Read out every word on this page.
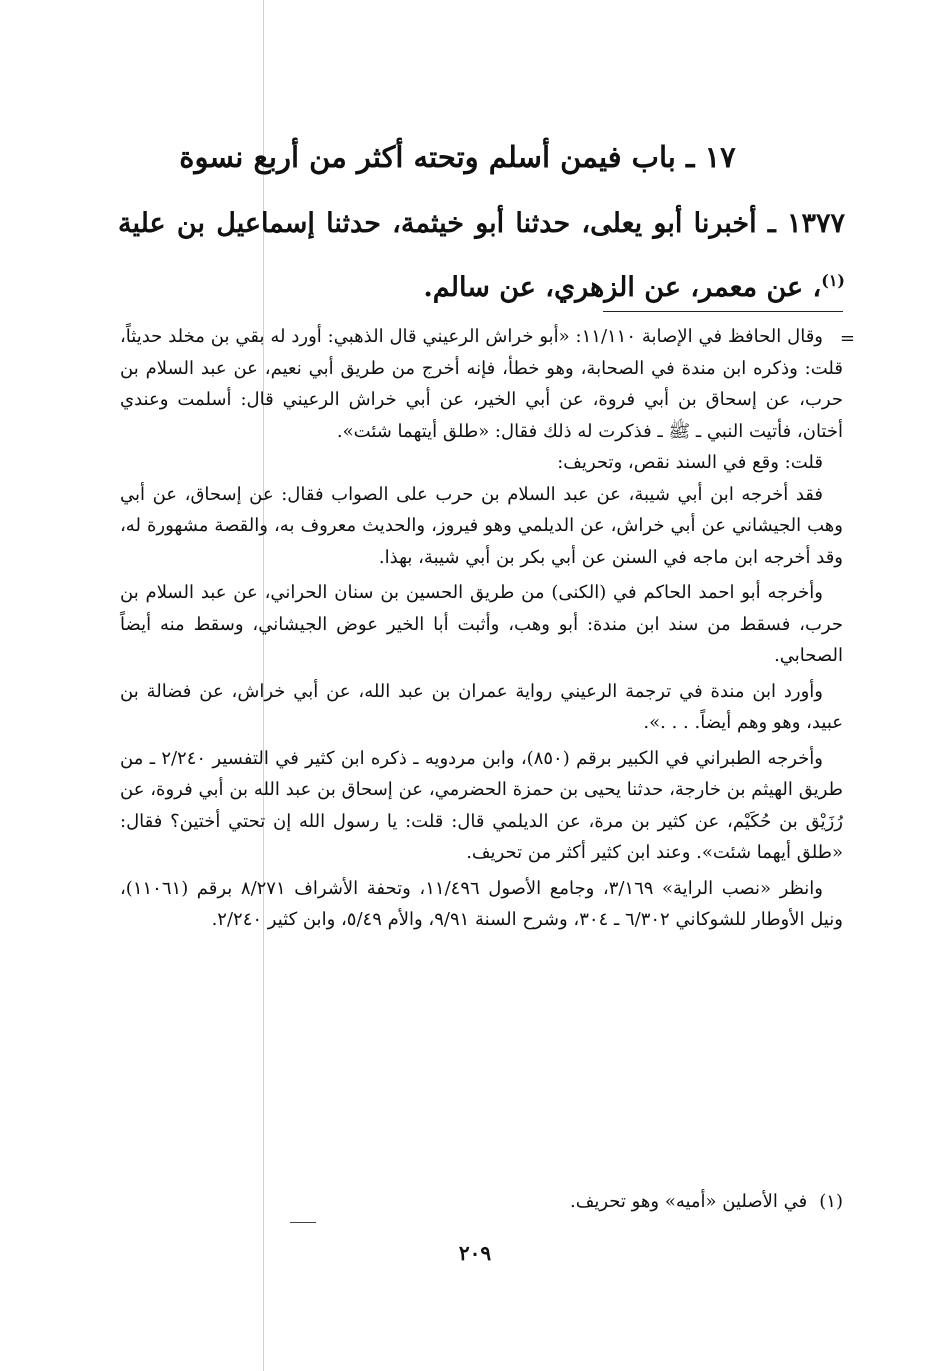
١٧ ـ باب فيمن أسلم وتحته أكثر من أربع نسوة
١٣٧٧ ـ أخبرنا أبو يعلى، حدثنا أبو خيثمة، حدثنا إسماعيل بن علية $^{(١)}$، عن معمر، عن الزهري، عن سالم.
=

وقال الحافظ في الإصابة ١١/١١٠: «أبو خراش الرعيني قال الذهبي: أورد له بقي بن مخلد حديثاً، قلت: وذكره ابن مندة في الصحابة، وهو خطأ، فإنه أخرج من طريق أبي نعيم، عن عبد السلام بن حرب، عن إسحاق بن أبي فروة، عن أبي الخير، عن أبي خراش الرعيني قال: أسلمت وعندي أختان، فأتيت النبي ـ ﷺ ـ فذكرت له ذلك فقال: «طلق أيتهما شئت».

قلت: وقع في السند نقص، وتحريف:

فقد أخرجه ابن أبي شيبة، عن عبد السلام بن حرب على الصواب فقال: عن إسحاق، عن أبي وهب الجيشاني عن أبي خراش، عن الديلمي وهو فيروز، والحديث معروف به، والقصة مشهورة له، وقد أخرجه ابن ماجه في السنن عن أبي بكر بن أبي شيبة، بهذا.

وأخرجه أبو احمد الحاكم في (الكنى) من طريق الحسين بن سنان الحراني، عن عبد السلام بن حرب، فسقط من سند ابن مندة: أبو وهب، وأثبت أبا الخير عوض الجيشاني، وسقط منه أيضاً الصحابي.

وأورد ابن مندة في ترجمة الرعيني رواية عمران بن عبد الله، عن أبي خراش، عن فضالة بن عبيد، وهو وهم أيضاً. . . .».

وأخرجه الطبراني في الكبير برقم (٨٥٠)، وابن مردويه ـ ذكره ابن كثير في التفسير ٢/٢٤٠ ـ من طريق الهيثم بن خارجة، حدثنا يحيى بن حمزة الحضرمي، عن إسحاق بن عبد الله بن أبي فروة، عن رُزَيْق بن حُكَيْم، عن كثير بن مرة، عن الديلمي قال: قلت: يا رسول الله إن تحتي أختين؟ فقال: «طلق أيهما شئت». وعند ابن كثير أكثر من تحريف.

وانظر «نصب الراية» ٣/١٦٩، وجامع الأصول ١١/٤٩٦، وتحفة الأشراف ٨/٢٧١ برقم (١١٠٦١)، ونيل الأوطار للشوكاني ٦/٣٠٢ ـ ٣٠٤، وشرح السنة ٩/٩١، والأم ٥/٤٩، وابن كثير ٢/٢٤٠.

(١) في الأصلين «أميه» وهو تحريف.
٢٠٩
